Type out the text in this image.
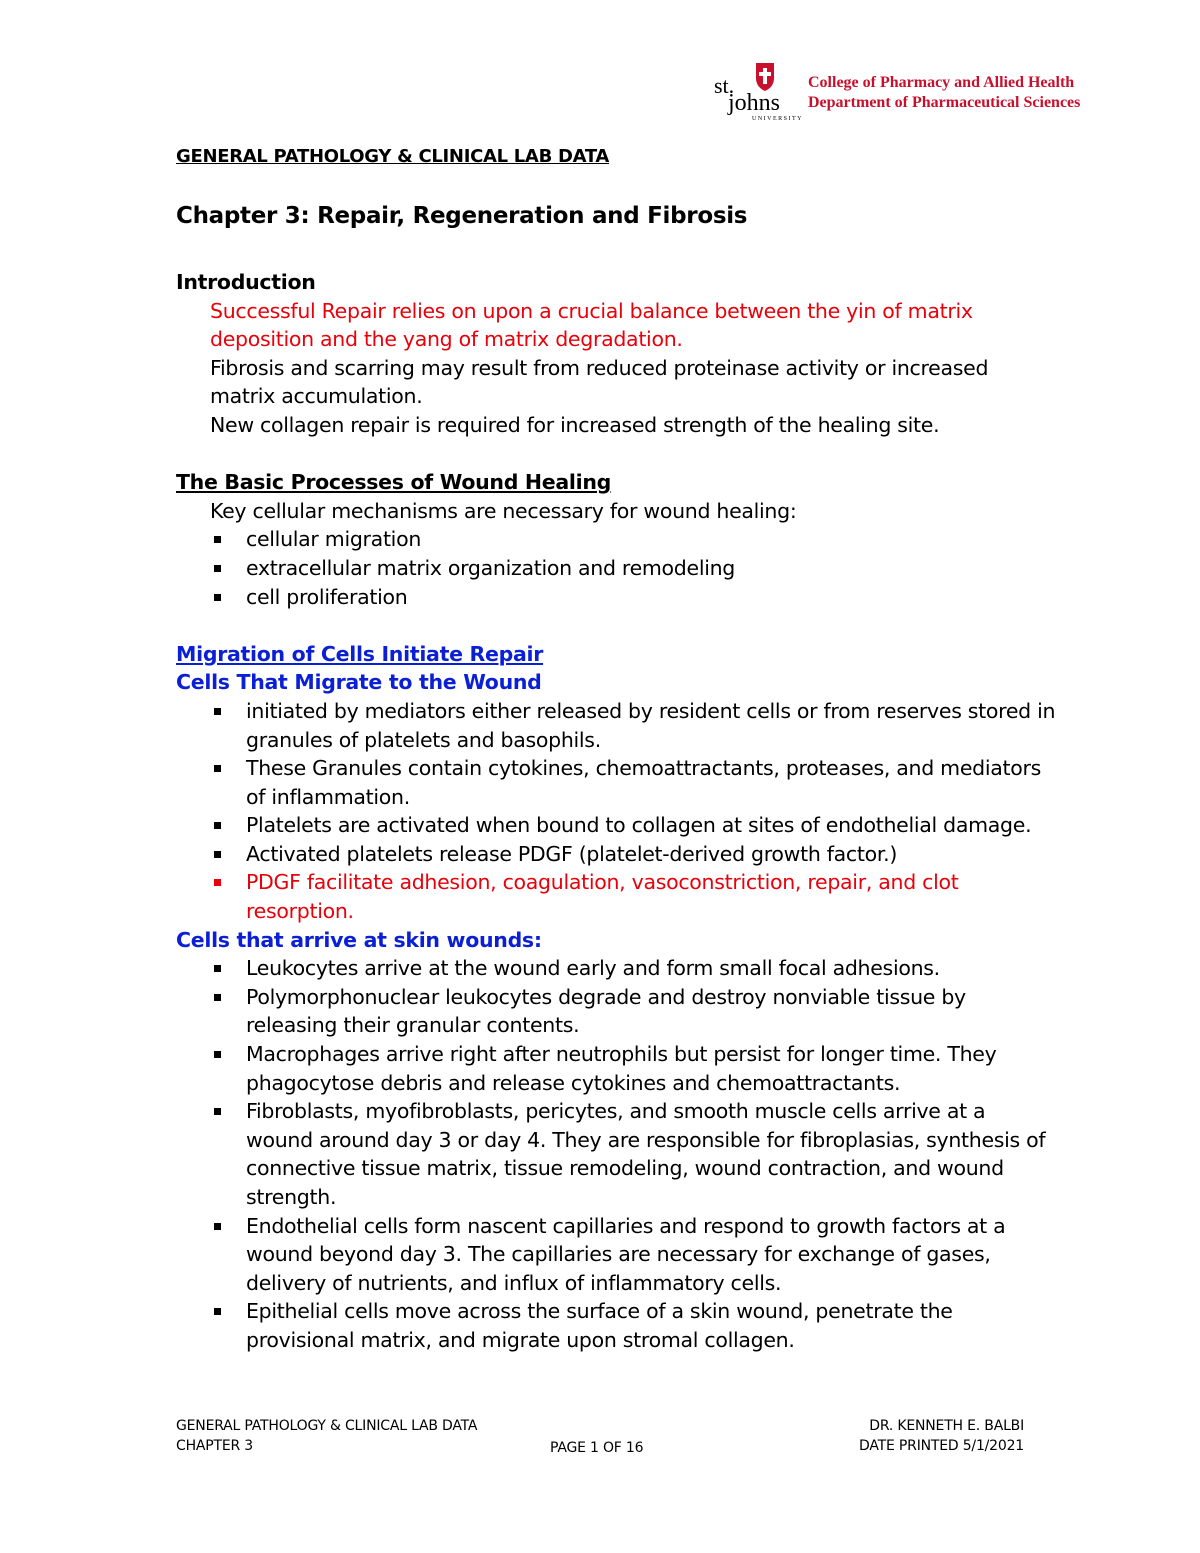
st.
johns
UNIVERSITY
College of Pharmacy and Allied Health
Department of Pharmaceutical Sciences
GENERAL PATHOLOGY & CLINICAL LAB DATA
Chapter 3: Repair, Regeneration and Fibrosis
Introduction
Successful Repair relies on upon a crucial balance between the yin of matrix deposition and the yang of matrix degradation.
Fibrosis and scarring may result from reduced proteinase activity or increased matrix accumulation.
New collagen repair is required for increased strength of the healing site.
The Basic Processes of Wound Healing
Key cellular mechanisms are necessary for wound healing:
cellular migration
extracellular matrix organization and remodeling
cell proliferation
Migration of Cells Initiate Repair
Cells That Migrate to the Wound
initiated by mediators either released by resident cells or from reserves stored in granules of platelets and basophils.
These Granules contain cytokines, chemoattractants, proteases, and mediators of inflammation.
Platelets are activated when bound to collagen at sites of endothelial damage.
Activated platelets release PDGF (platelet-derived growth factor.)
PDGF facilitate adhesion, coagulation, vasoconstriction, repair, and clot resorption.
Cells that arrive at skin wounds:
Leukocytes arrive at the wound early and form small focal adhesions.
Polymorphonuclear leukocytes degrade and destroy nonviable tissue by releasing their granular contents.
Macrophages arrive right after neutrophils but persist for longer time. They phagocytose debris and release cytokines and chemoattractants.
Fibroblasts, myofibroblasts, pericytes, and smooth muscle cells arrive at a wound around day 3 or day 4. They are responsible for fibroplasias, synthesis of connective tissue matrix, tissue remodeling, wound contraction, and wound strength.
Endothelial cells form nascent capillaries and respond to growth factors at a wound beyond day 3. The capillaries are necessary for exchange of gases, delivery of nutrients, and influx of inflammatory cells.
Epithelial cells move across the surface of a skin wound, penetrate the provisional matrix, and migrate upon stromal collagen.
GENERAL PATHOLOGY & CLINICAL LAB DATA
CHAPTER 3	PAGE 1 OF 16
DR. KENNETH E. BALBI
DATE PRINTED 5/1/2021
